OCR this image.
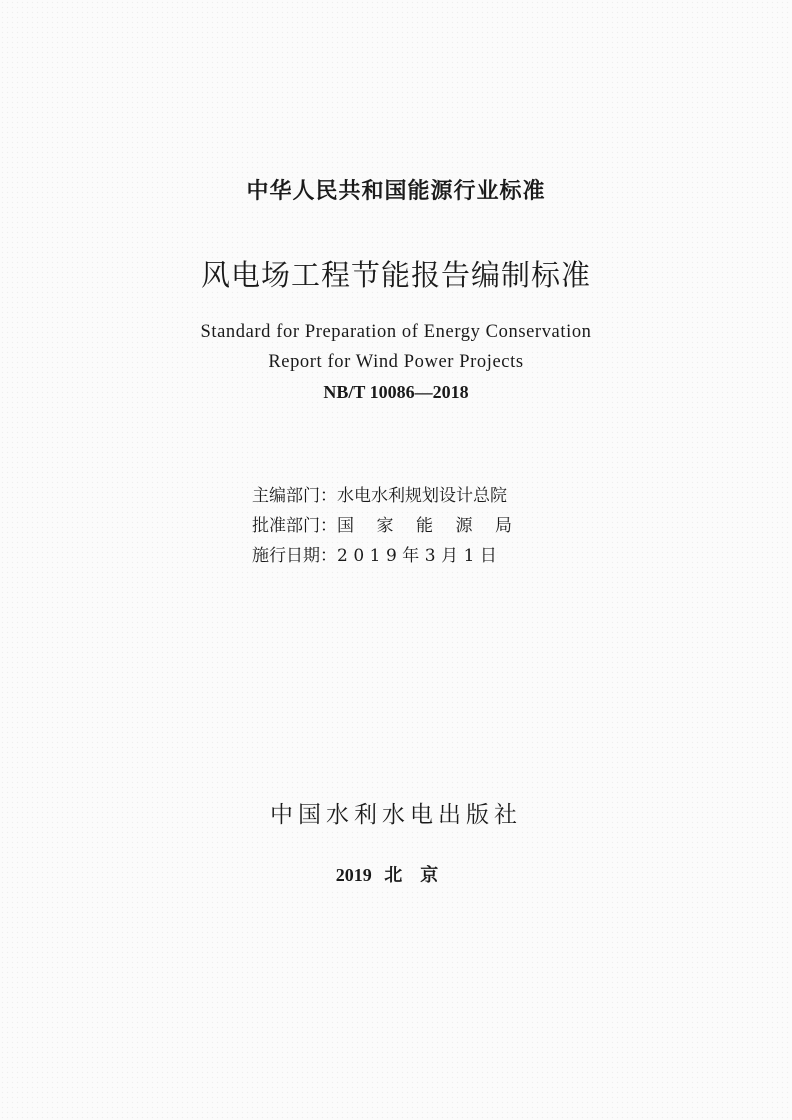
中华人民共和国能源行业标准
风电场工程节能报告编制标准
Standard for Preparation of Energy Conservation
Report for Wind Power Projects
NB/T 10086—2018
主编部门：水电水利规划设计总院
批准部门：国 家 能 源 局
施行日期：2019年3月1日
中国水利水电出版社
2019 北京
